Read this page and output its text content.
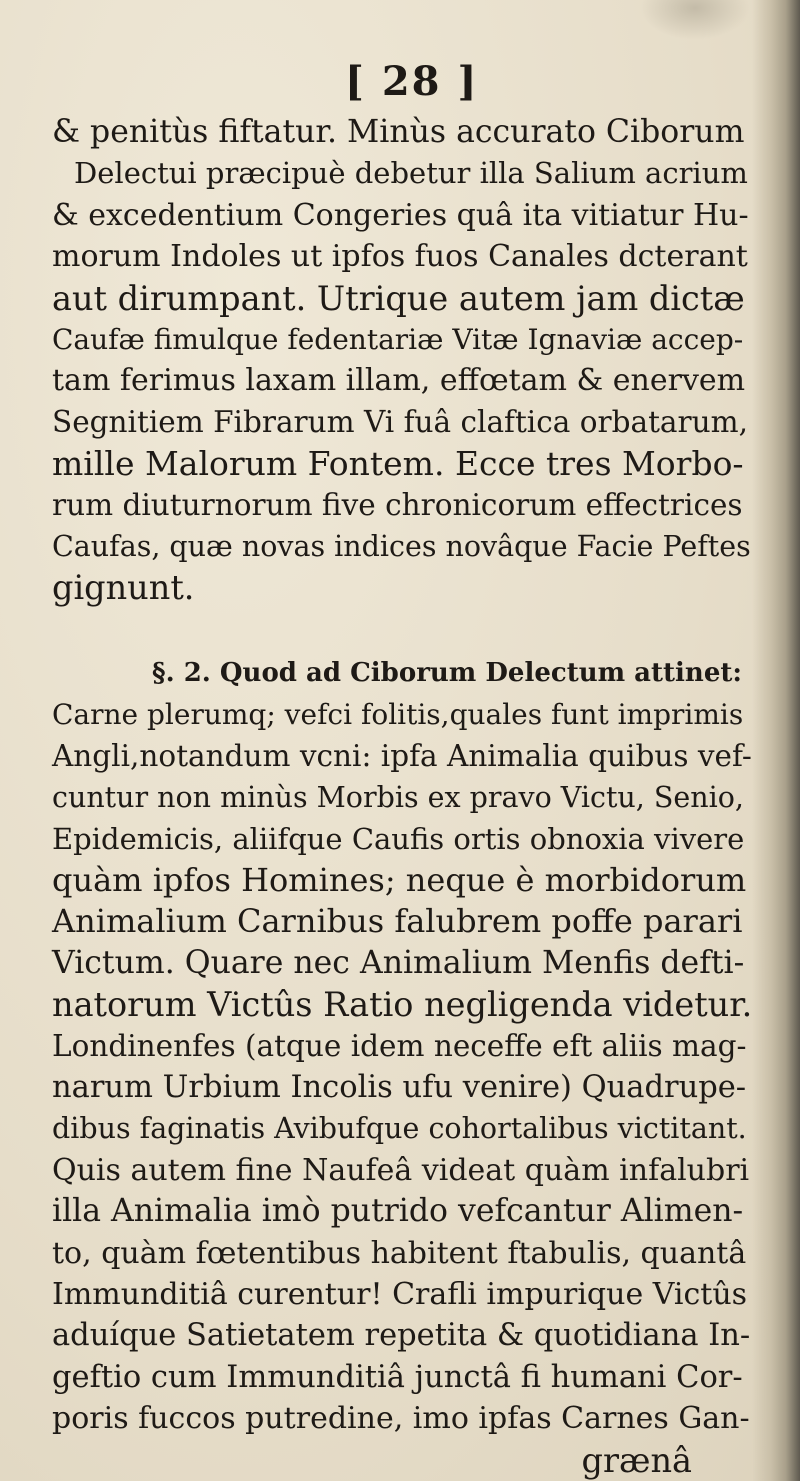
[ 28 ]
& penitùs fiftatur. Minùs accurato Ciborum
Delectui præcipuè debetur illa Salium acrium
& excedentium Congeries quâ ita vitiatur Hu-
morum Indoles ut ipfos fuos Canales dcterant
aut dirumpant. Utrique autem jam dictæ
Caufæ fimulque fedentariæ Vitæ Ignaviæ accep-
tam ferimus laxam illam, effœtam & enervem
Segnitiem Fibrarum Vi fuâ claftica orbatarum,
mille Malorum Fontem. Ecce tres Morbo-
rum diuturnorum five chronicorum effectrices
Caufas, quæ novas indices novâque Facie Peftes
gignunt.
§. 2. Quod ad Ciborum Delectum attinet:
Carne plerumq; vefci folitis,quales funt imprimis
Angli,notandum vcni: ipfa Animalia quibus vef-
cuntur non minùs Morbis ex pravo Victu, Senio,
Epidemicis, aliifque Caufis ortis obnoxia vivere
quàm ipfos Homines; neque è morbidorum
Animalium Carnibus falubrem poffe parari
Victum. Quare nec Animalium Menfis defti-
natorum Victûs Ratio negligenda videtur.
Londinenfes (atque idem neceffe eft aliis mag-
narum Urbium Incolis ufu venire) Quadrupe-
dibus faginatis Avibufque cohortalibus victitant.
Quis autem fine Naufeâ videat quàm infalubri
illa Animalia imò putrido vefcantur Alimen-
to, quàm fœtentibus habitent ftabulis, quantâ
Immunditiâ curentur! Crafli impurique Victûs
aduíque Satietatem repetita & quotidiana In-
geftio cum Immunditiâ junctâ fi humani Cor-
poris fuccos putredine, imo ipfas Carnes Gan-
grænâ
